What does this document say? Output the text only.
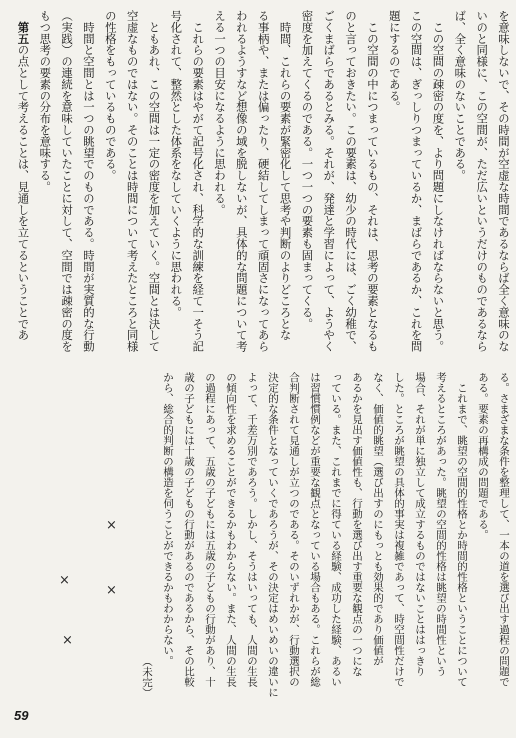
を意味しないで、その時間が空虚な時間であるならば全く意味のな
いのと同様に、この空間が、ただ広いというだけのものであるなら
ば、全く意味のないことである。
　この空間の疎密の度を、より問題にしなければならないと思う。
この空間は、ぎっしりつまっているか、まばらであるか、これを問
題にするのである。
　この空間の中につまっているもの、それは、思考の要素となるも
のと言っておきたい。この要素は、幼少の時代には、ごく幼稚で、
ごくまばらであるとみる。それが、発達と学習によって、ようやく
密度を加えてくるのである。一つ一つの要素も固まってくる。
　時間、これらの要素が緊密化して思考や判断のよりどころとな
る事柄や、または偏ったり、硬結してしまって頑固さになってあら
われるようすなど想像の域を脱しないが、具体的な問題について考
える一つの目安になるように思われる。
　これらの要素はやがて記号化され、科学的な訓練を経て一そう記
号化されて、整然とした体系をなしていくように思われる。
　ともあれ、この空間は一定の密度を加えていく。空間とは決して
空虚なものではない。そのことは時間について考えたところと同様
の性格をもっているものである。
　時間と空間とは一つの眺望でのものである。時間が実質的な行動
（実践）の連続を意味していたことに対して、空間では疎密の度を
もつ思考の要素の分布を意味する。
　第五の点として考えることは、見通しを立てるということであ
る。さまざまな条件を整理して、一本の道を選び出す過程の問題で
ある。要素の再構成の問題である。
　これまで、眺望の空間的性格とか時間的性格ということについて
考えるところがあった。眺望の空間的性格は眺望の時間性という
場合、それが単に独立して成立するものではないことははっきり
した。ところが眺望の具体的事実は複雑であって、時空間性だけで
なく、価値的眺望（選び出すのにもっとも効果的であり価値が
あるかを見出す価値性も、行動を選び出す重要な観点の一つにな
っている。また、これまでに得ている経験、成功した経験、あるい
は習慣慣例などが重要な観点となっている場合もある。これらが総
合判断されて見通しが立つのである。そのいずれかが、行動選択の
決定的な条件となっていくであろうが、その決定はめいめいの違いに
よって、千差万別であろう。しかし、そうはいっても、人間の生長
の傾向性を求めることができるかもわからない。また、人間の生長
の過程にあって、五歳の子どもには五歳の子どもの行動があり、十
歳の子どもには十歳の子どもの行動があるのであるから、その比較
から、総合的判断の構造を伺うことができるかもわからない。
（未完）
×
×
×
×
59
